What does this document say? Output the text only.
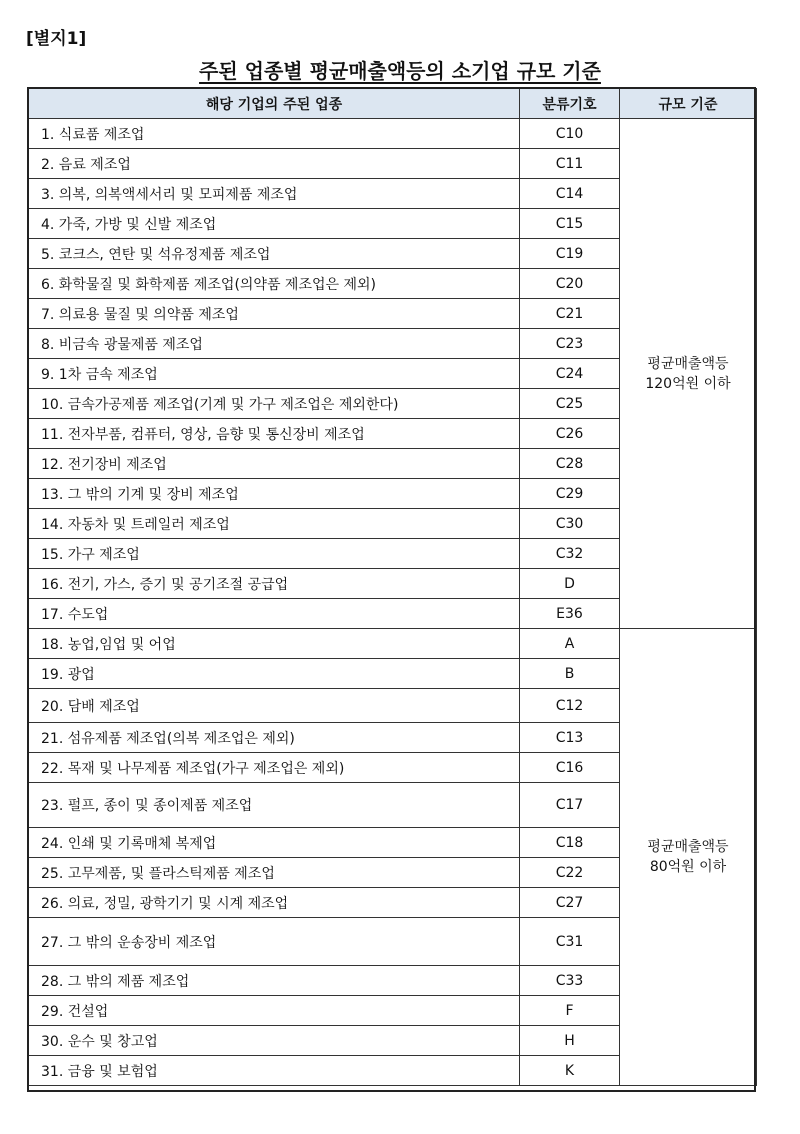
[별지1]
주된 업종별 평균매출액등의 소기업 규모 기준
해당 기업의 주된 업종	분류기호	규모 기준
1. 식료품 제조업	C10	평균매출액등
120억원 이하

2. 음료 제조업	C11	
3. 의복, 의복액세서리 및 모피제품 제조업	C14	
4. 가죽, 가방 및 신발 제조업	C15	
5. 코크스, 연탄 및 석유정제품 제조업	C19	
6. 화학물질 및 화학제품 제조업(의약품 제조업은 제외)	C20	
7. 의료용 물질 및 의약품 제조업	C21	
8. 비금속 광물제품 제조업	C23	
9. 1차 금속 제조업	C24	
10. 금속가공제품 제조업(기계 및 가구 제조업은 제외한다)	C25	
11. 전자부품, 컴퓨터, 영상, 음향 및 통신장비 제조업	C26	
12. 전기장비 제조업	C28	
13. 그 밖의 기계 및 장비 제조업	C29	
14. 자동차 및 트레일러 제조업	C30	
15. 가구 제조업	C32	
16. 전기, 가스, 증기 및 공기조절 공급업	D	
17. 수도업	E36	
18. 농업,임업 및 어업	A	평균매출액등
80억원 이하

19. 광업	B	
20. 담배 제조업	C12	
21. 섬유제품 제조업(의복 제조업은 제외)	C13	
22. 목재 및 나무제품 제조업(가구 제조업은 제외)	C16	
23. 펄프, 종이 및 종이제품 제조업	C17	
24. 인쇄 및 기록매체 복제업	C18	
25. 고무제품, 및 플라스틱제품 제조업	C22	
26. 의료, 정밀, 광학기기 및 시계 제조업	C27	
27. 그 밖의 운송장비 제조업	C31	
28. 그 밖의 제품 제조업	C33	
29. 건설업	F	
30. 운수 및 창고업	H	
31. 금융 및 보험업	K	
